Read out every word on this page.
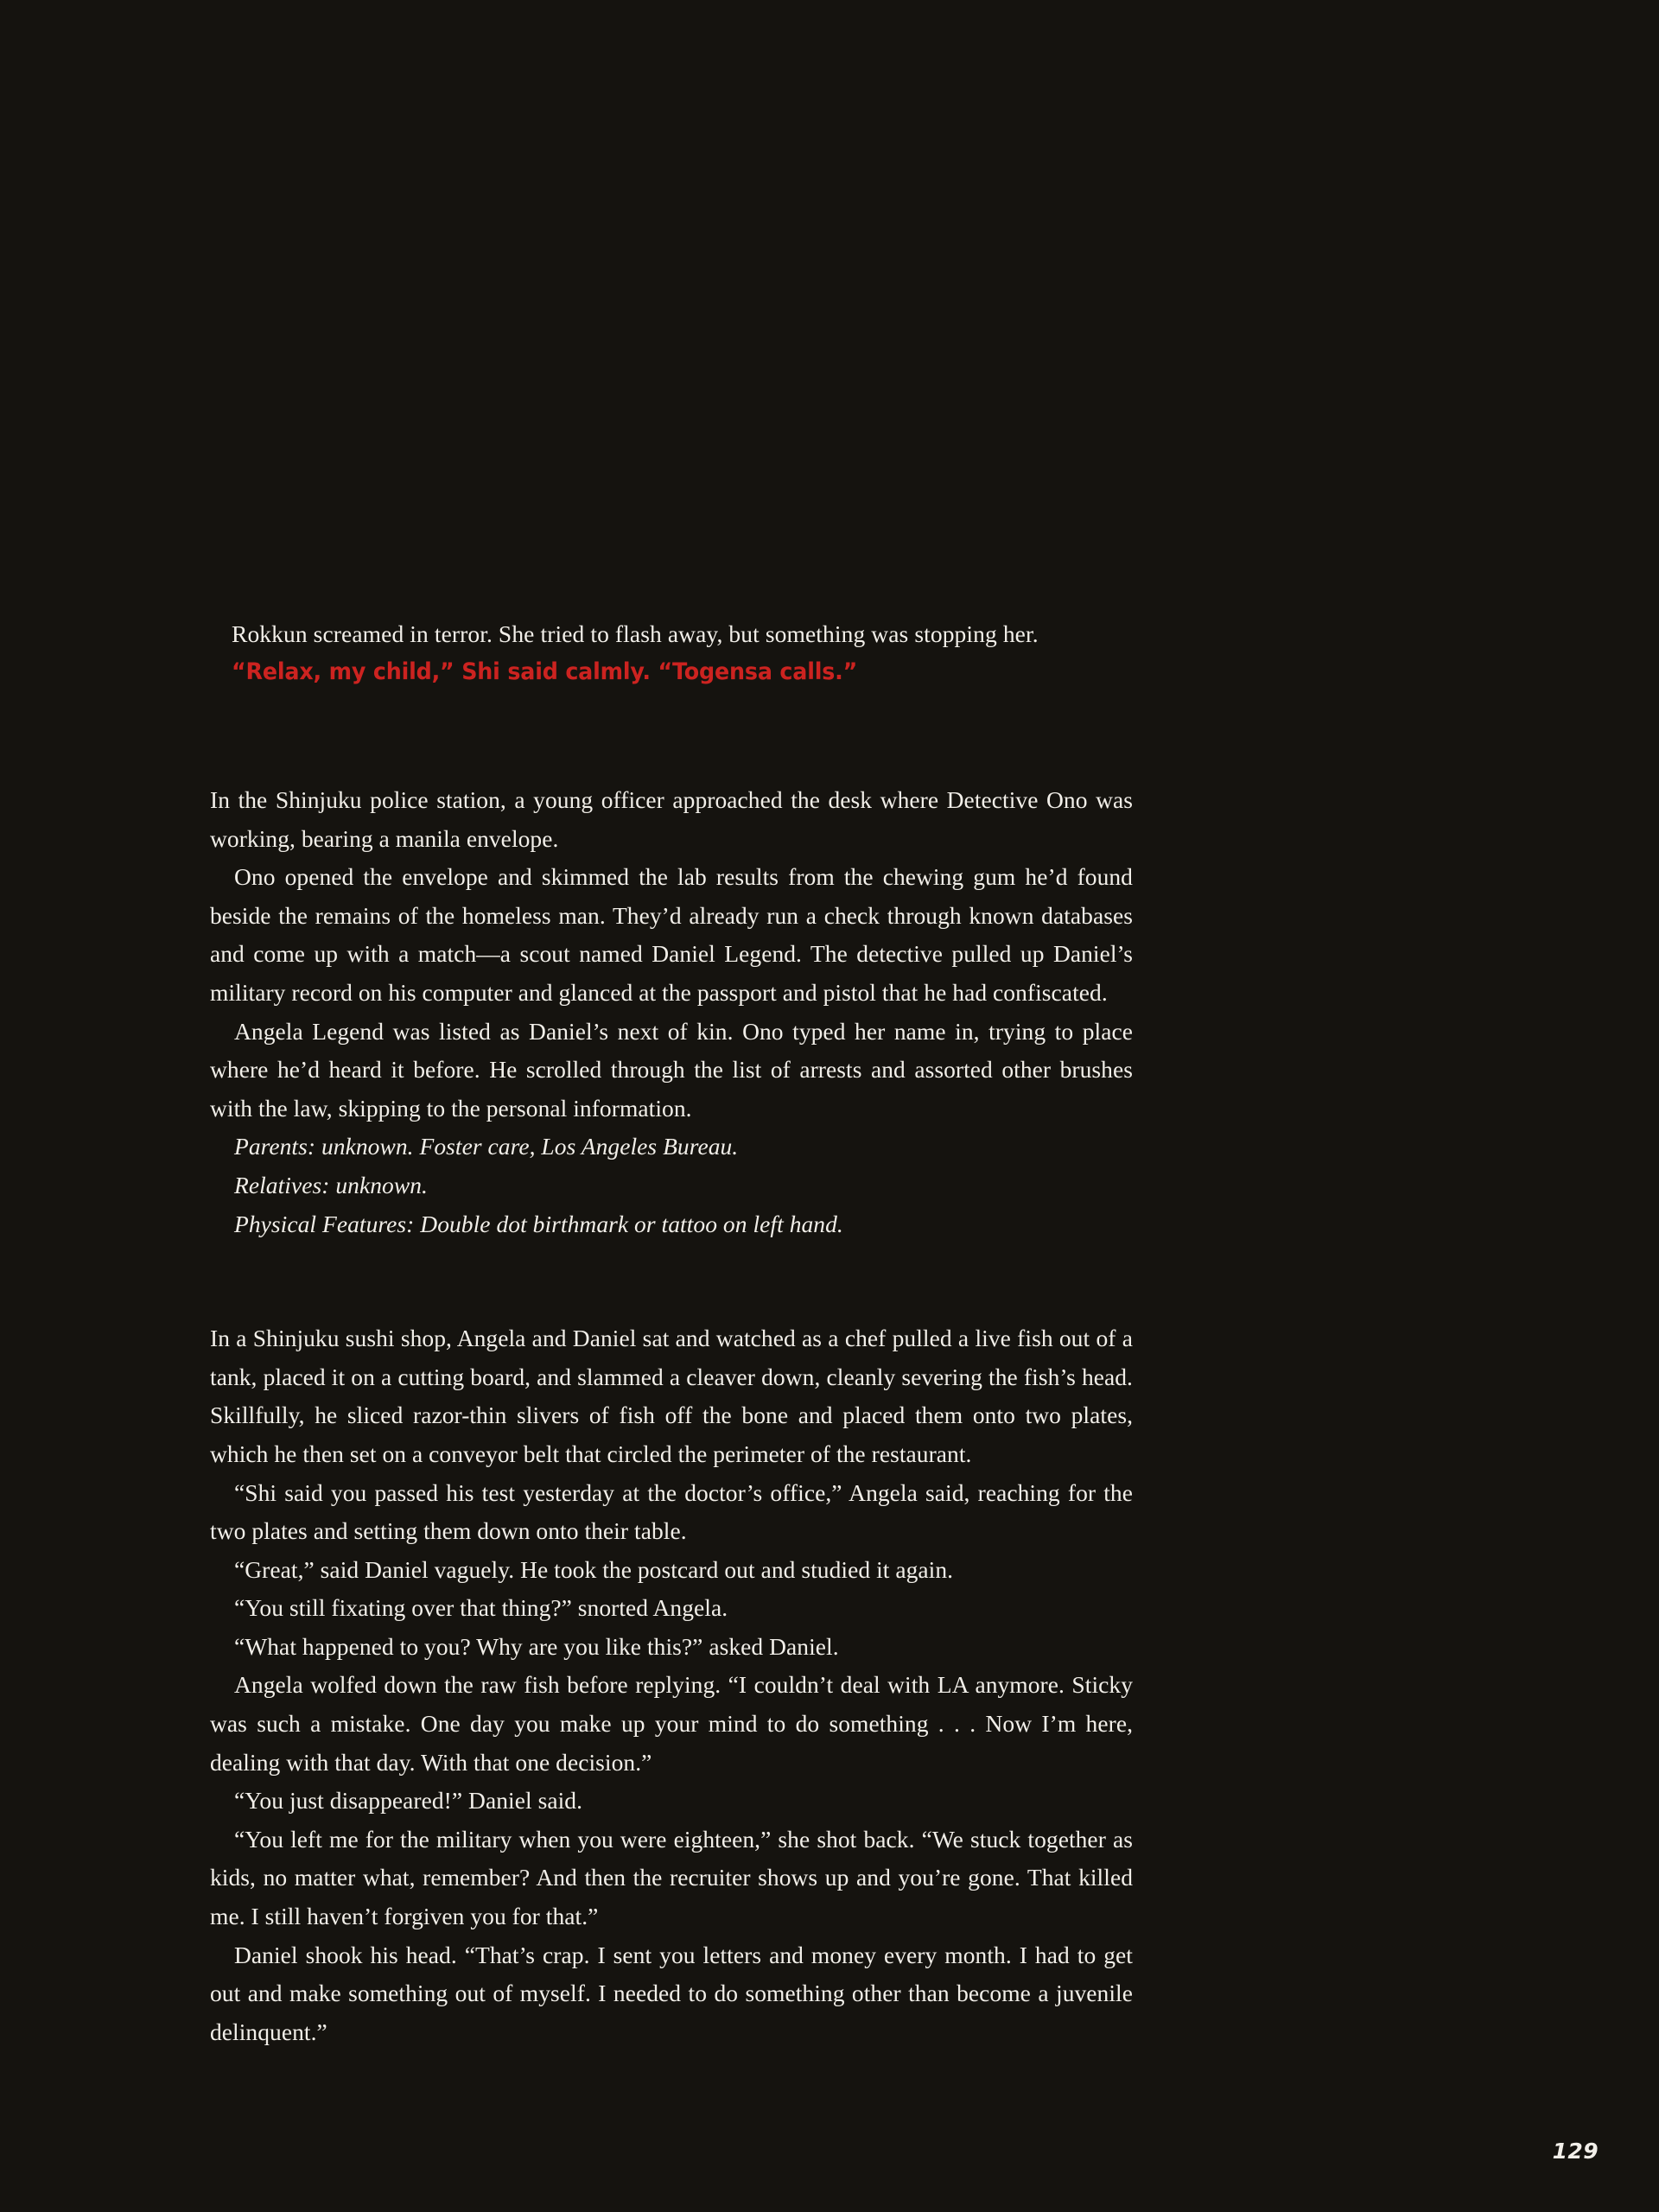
Rokkun screamed in terror. She tried to flash away, but something was stopping her.

“Relax, my child,” Shi said calmly. “Togensa calls.”

In the Shinjuku police station, a young officer approached the desk where Detective Ono was working, bearing a manila envelope.

Ono opened the envelope and skimmed the lab results from the chewing gum he’d found beside the remains of the homeless man. They’d already run a check through known databases and come up with a match—a scout named Daniel Legend. The detective pulled up Daniel’s military record on his computer and glanced at the passport and pistol that he had confiscated.

Angela Legend was listed as Daniel’s next of kin. Ono typed her name in, trying to place where he’d heard it before. He scrolled through the list of arrests and assorted other brushes with the law, skipping to the personal information.

Parents: unknown. Foster care, Los Angeles Bureau.

Relatives: unknown.

Physical Features: Double dot birthmark or tattoo on left hand.

In a Shinjuku sushi shop, Angela and Daniel sat and watched as a chef pulled a live fish out of a tank, placed it on a cutting board, and slammed a cleaver down, cleanly severing the fish’s head. Skillfully, he sliced razor-thin slivers of fish off the bone and placed them onto two plates, which he then set on a conveyor belt that circled the perimeter of the restaurant.

“Shi said you passed his test yesterday at the doctor’s office,” Angela said, reaching for the two plates and setting them down onto their table.

“Great,” said Daniel vaguely. He took the postcard out and studied it again.

“You still fixating over that thing?” snorted Angela.

“What happened to you? Why are you like this?” asked Daniel.

Angela wolfed down the raw fish before replying. “I couldn’t deal with LA anymore. Sticky was such a mistake. One day you make up your mind to do something . . . Now I’m here, dealing with that day. With that one decision.”

“You just disappeared!” Daniel said.

“You left me for the military when you were eighteen,” she shot back. “We stuck together as kids, no matter what, remember? And then the recruiter shows up and you’re gone. That killed me. I still haven’t forgiven you for that.”

Daniel shook his head. “That’s crap. I sent you letters and money every month. I had to get out and make something out of myself. I needed to do something other than become a juvenile delinquent.”

129
